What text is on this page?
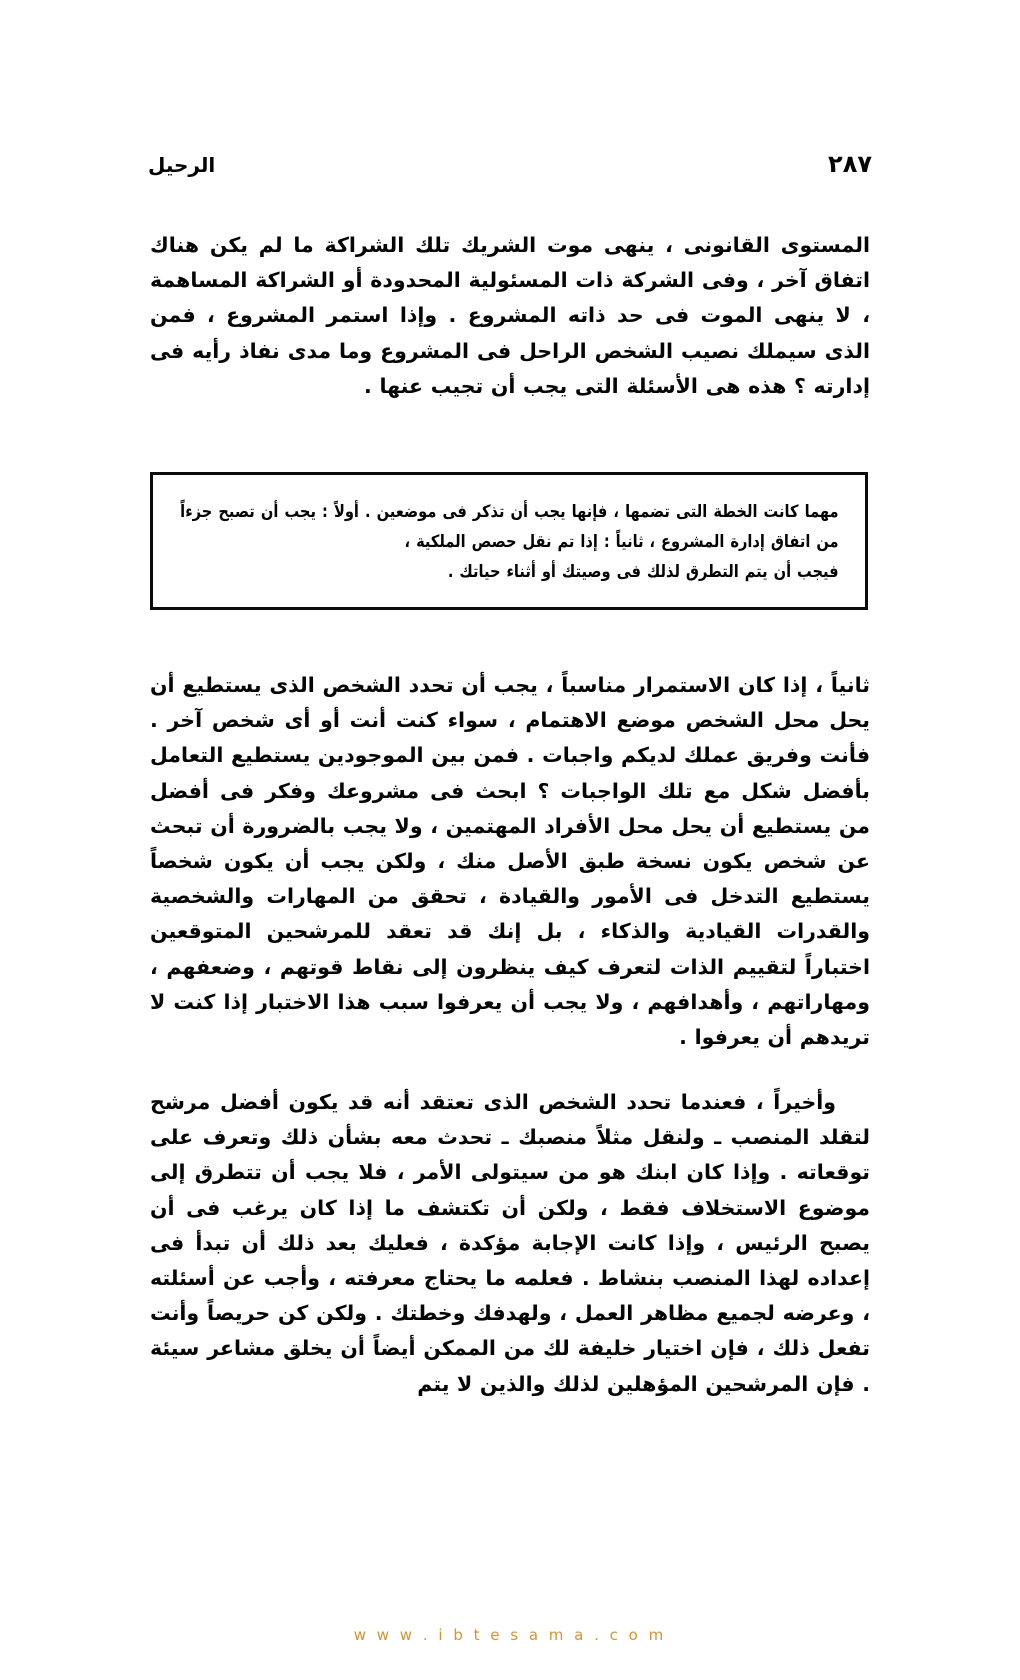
٢٨٧
الرحيل

المستوى القانونى ، ينهى موت الشريك تلك الشراكة ما لم يكن هناك اتفاق آخر ، وفى الشركة ذات المسئولية المحدودة أو الشراكة المساهمة ، لا ينهى الموت فى حد ذاته المشروع . وإذا استمر المشروع ، فمن الذى سيملك نصيب الشخص الراحل فى المشروع وما مدى نفاذ رأيه فى إدارته ؟ هذه هى الأسئلة التى يجب أن تجيب عنها .

مهما كانت الخطة التى تضمها ، فإنها يجب أن تذكر فى موضعين . أولاً : يجب أن تصبح جزءاً من اتفاق إدارة المشروع ، ثانياً : إذا تم نقل حصص الملكية ،
فيجب أن يتم التطرق لذلك فى وصيتك أو أثناء حياتك .

ثانياً ، إذا كان الاستمرار مناسباً ، يجب أن تحدد الشخص الذى يستطيع أن يحل محل الشخص موضع الاهتمام ، سواء كنت أنت أو أى شخص آخر . فأنت وفريق عملك لديكم واجبات . فمن بين الموجودين يستطيع التعامل بأفضل شكل مع تلك الواجبات ؟ ابحث فى مشروعك وفكر فى أفضل من يستطيع أن يحل محل الأفراد المهتمين ، ولا يجب بالضرورة أن تبحث عن شخص يكون نسخة طبق الأصل منك ، ولكن يجب أن يكون شخصاً يستطيع التدخل فى الأمور والقيادة ، تحقق من المهارات والشخصية والقدرات القيادية والذكاء ، بل إنك قد تعقد للمرشحين المتوقعين اختباراً لتقييم الذات لتعرف كيف ينظرون إلى نقاط قوتهم ، وضعفهم ، ومهاراتهم ، وأهدافهم ، ولا يجب أن يعرفوا سبب هذا الاختبار إذا كنت لا تريدهم أن يعرفوا .

وأخيراً ، فعندما تحدد الشخص الذى تعتقد أنه قد يكون أفضل مرشح لتقلد المنصب ـ ولنقل مثلاً منصبك ـ تحدث معه بشأن ذلك وتعرف على توقعاته . وإذا كان ابنك هو من سيتولى الأمر ، فلا يجب أن تتطرق إلى موضوع الاستخلاف فقط ، ولكن أن تكتشف ما إذا كان يرغب فى أن يصبح الرئيس ، وإذا كانت الإجابة مؤكدة ، فعليك بعد ذلك أن تبدأ فى إعداده لهذا المنصب بنشاط . فعلمه ما يحتاج معرفته ، وأجب عن أسئلته ، وعرضه لجميع مظاهر العمل ، ولهدفك وخطتك . ولكن كن حريصاً وأنت تفعل ذلك ، فإن اختيار خليفة لك من الممكن أيضاً أن يخلق مشاعر سيئة . فإن المرشحين المؤهلين لذلك والذين لا يتم

w w w . i b t e s a m a . c o m
